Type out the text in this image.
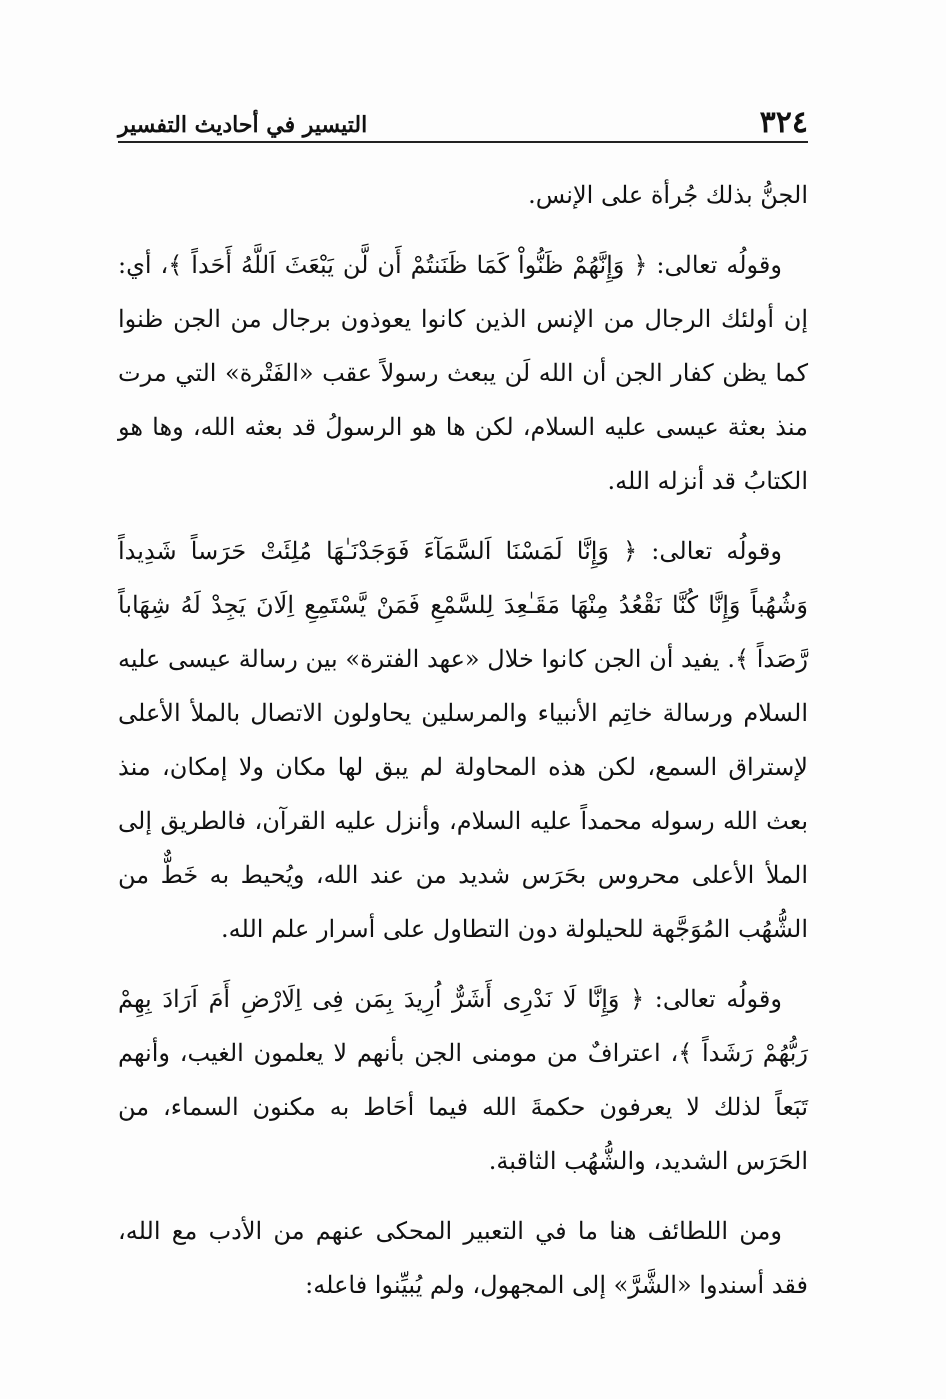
٣٢٤
التيسير في أحاديث التفسير

الجنُّ بذلك جُرأة على الإنس.

وقولُه تعالى: ﴿ وَإِنَّهُمْ ظَنُّواْ كَمَا ظَنَنتُمْ أَن لَّن يَبْعَثَ اَللَّهُ أَحَداً ﴾، أي: إن أولئك الرجال من الإنس الذين كانوا يعوذون برجال من الجن ظنوا كما يظن كفار الجن أن الله لَن يبعث رسولاً عقب «الفَتْرة» التي مرت منذ بعثة عيسى عليه السلام، لكن ها هو الرسولُ قد بعثه الله، وها هو الكتابُ قد أنزله الله.

وقولُه تعالى: ﴿ وَإِنَّا لَمَسْنَا اَلسَّمَآءَ فَوَجَدْنَـٰهَا مُلِئَتْ حَرَساً شَدِيداً وَشُهُباً وَإِنَّا كُنَّا نَقْعُدُ مِنْهَا مَقَـٰعِدَ لِلسَّمْعِ فَمَنْ يَّسْتَمِعِ اِلَانَ يَجِدْ لَهُ شِهَاباً رَّصَداً ﴾. يفيد أن الجن كانوا خلال «عهد الفترة» بين رسالة عيسى عليه السلام ورسالة خاتِم الأنبياء والمرسلين يحاولون الاتصال بالملأ الأعلى لإستراق السمع، لكن هذه المحاولة لم يبق لها مكان ولا إمكان، منذ بعث الله رسوله محمداً عليه السلام، وأنزل عليه القرآن، فالطريق إلى الملأ الأعلى محروس بحَرَس شديد من عند الله، ويُحيط به خَطٌّ من الشُّهُب المُوَجَّهة للحيلولة دون التطاول على أسرار علم الله.

وقولُه تعالى: ﴿ وَإِنَّا لَا نَدْرِى أَشَرٌّ اُرِيدَ بِمَن فِى اِلَارْضِ أَمَ اَرَادَ بِهِمْ رَبُّهُمْ رَشَداً ﴾، اعترافٌ من مومنى الجن بأنهم لا يعلمون الغيب، وأنهم تَبَعاً لذلك لا يعرفون حكمةَ الله فيما أحَاط به مكنون السماء، من الحَرَس الشديد، والشُّهُب الثاقبة.

ومن اللطائف هنا ما في التعبير المحكى عنهم من الأدب مع الله، فقد أسندوا «الشَّرَّ» إلى المجهول، ولم يُبيِّنوا فاعله:
